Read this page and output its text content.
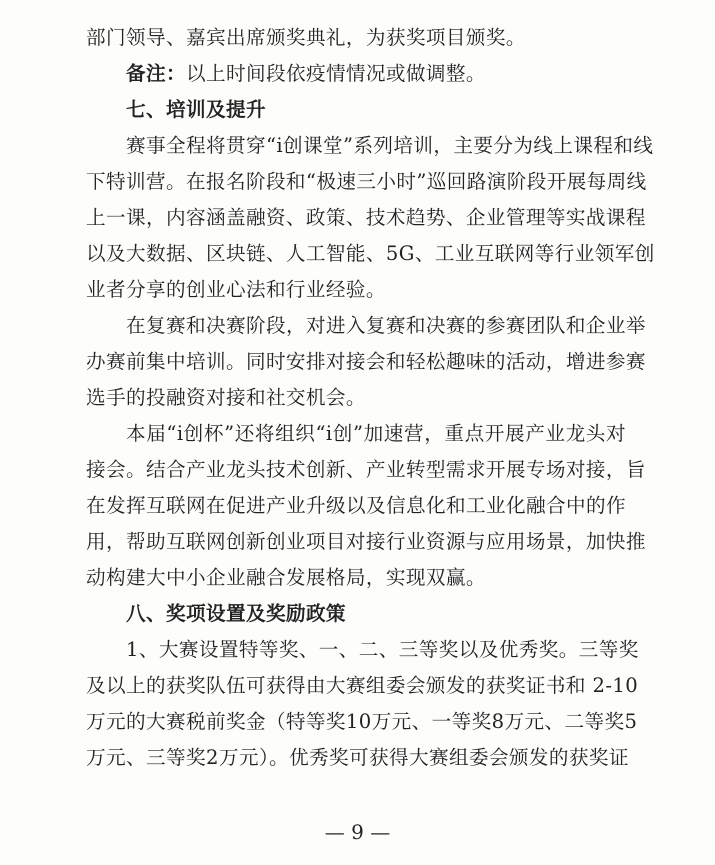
部门领导、嘉宾出席颁奖典礼，为获奖项目颁奖。
备注：以上时间段依疫情情况或做调整。
七、培训及提升
赛事全程将贯穿“i创课堂”系列培训，主要分为线上课程和线
下特训营。在报名阶段和“极速三小时”巡回路演阶段开展每周线
上一课，内容涵盖融资、政策、技术趋势、企业管理等实战课程
以及大数据、区块链、人工智能、5G、工业互联网等行业领军创
业者分享的创业心法和行业经验。
在复赛和决赛阶段，对进入复赛和决赛的参赛团队和企业举
办赛前集中培训。同时安排对接会和轻松趣味的活动，增进参赛
选手的投融资对接和社交机会。
本届“i创杯”还将组织“i创”加速营，重点开展产业龙头对
接会。结合产业龙头技术创新、产业转型需求开展专场对接，旨
在发挥互联网在促进产业升级以及信息化和工业化融合中的作
用，帮助互联网创新创业项目对接行业资源与应用场景，加快推
动构建大中小企业融合发展格局，实现双赢。
八、奖项设置及奖励政策
1、大赛设置特等奖、一、二、三等奖以及优秀奖。三等奖
及以上的获奖队伍可获得由大赛组委会颁发的获奖证书和 2-10
万元的大赛税前奖金（特等奖10万元、一等奖8万元、二等奖5
万元、三等奖2万元）。优秀奖可获得大赛组委会颁发的获奖证
— 9 —
